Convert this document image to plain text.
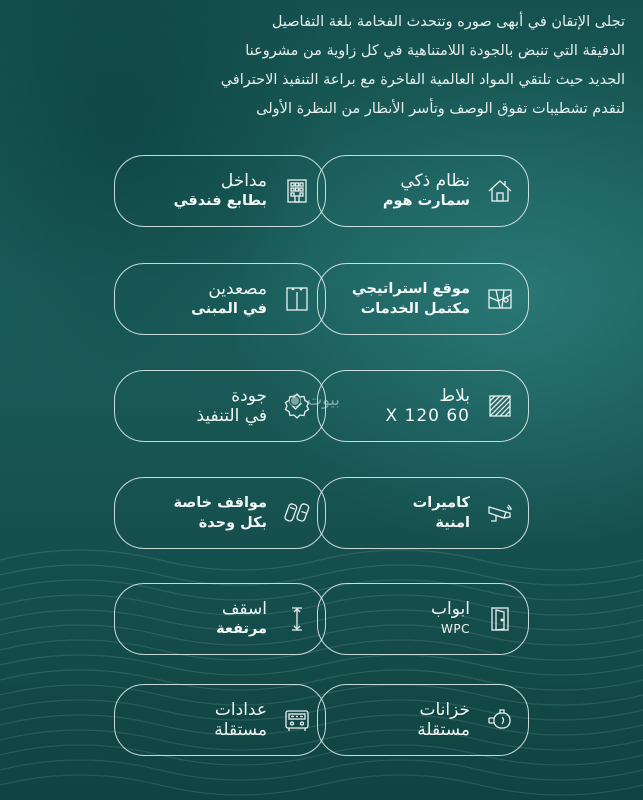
تجلى الإتقان في أبهى صوره وتتحدث الفخامة بلغة التفاصيل

الدقيقة التي تنبض بالجودة اللامتناهية في كل زاوية من مشروعنا

الجديد حيث تلتقي المواد العالمية الفاخرة مع براعة التنفيذ الاحترافي

لتقدم تشطيبات تفوق الوصف وتأسر الأنظار من النظرة الأولى

مداخل
بطابع فندقي
نظام ذكي
سمارت هوم
مصعدين
في المبنى
موقع استراتيجي
مكتمل الخدمات
جودة
في التنفيذ
بلاط
60 X 120
بيوت ◉
مواقف خاصة
بكل وحدة
كاميرات
امنية
اسقف
مرتفعة
ابواب
WPC
عدادات
مستقلة
خزانات
مستقلة
